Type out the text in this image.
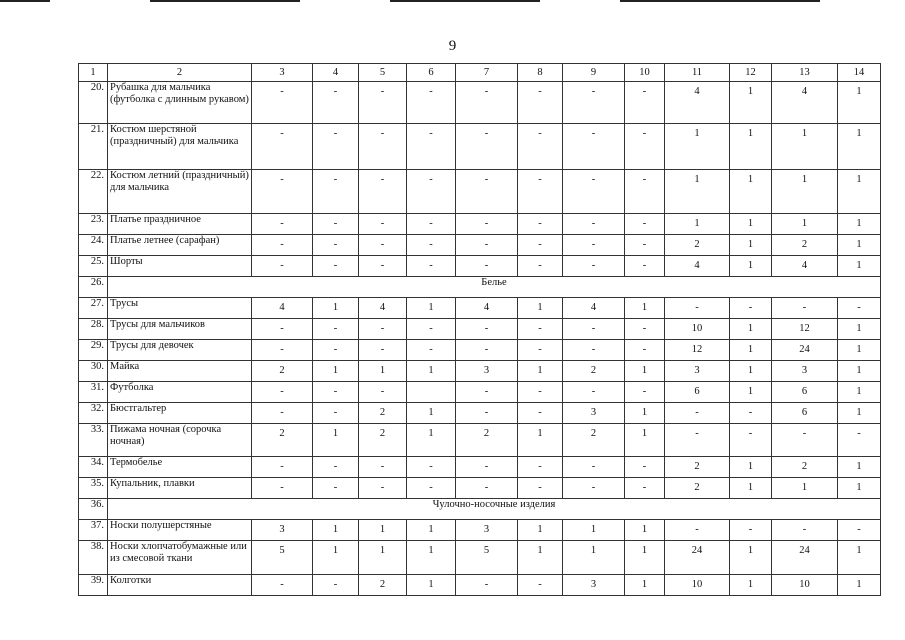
9
1	2	3	4	5	6	7	8	9	10	11	12	13	14
20.	Рубашка для мальчика (футболка с длинным рукавом)	-	-	-	-	-	-	-	-	4	1	4	1
21.	Костюм шерстяной (праздничный) для мальчика	-	-	-	-	-	-	-	-	1	1	1	1
22.	Костюм летний (праздничный) для мальчика	-	-	-	-	-	-	-	-	1	1	1	1
23.	Платье праздничное	-	-	-	-	-	-	-	-	1	1	1	1
24.	Платье летнее (сарафан)	-	-	-	-	-	-	-	-	2	1	2	1
25.	Шорты	-	-	-	-	-	-	-	-	4	1	4	1
26.	Белье												
27.	Трусы	4	1	4	1	4	1	4	1	-	-	-	-
28.	Трусы для мальчиков	-	-	-	-	-	-	-	-	10	1	12	1
29.	Трусы для девочек	-	-	-	-	-	-	-	-	12	1	24	1
30.	Майка	2	1	1	1	3	1	2	1	3	1	3	1
31.	Футболка	-	-	-		-	-	-	-	6	1	6	1
32.	Бюстгальтер	-	-	2	1	-	-	3	1	-	-	6	1
33.	Пижама ночная (сорочка ночная)	2	1	2	1	2	1	2	1	-	-	-	-
34.	Термобелье	-	-	-	-	-	-	-	-	2	1	2	1
35.	Купальник, плавки	-	-	-	-	-	-	-	-	2	1	1	1
36.	Чулочно-носочные изделия												
37.	Носки полушерстяные	3	1	1	1	3	1	1	1	-	-	-	-
38.	Носки хлопчатобумажные или из смесовой ткани	5	1	1	1	5	1	1	1	24	1	24	1
39.	Колготки	-	-	2	1	-	-	3	1	10	1	10	1
